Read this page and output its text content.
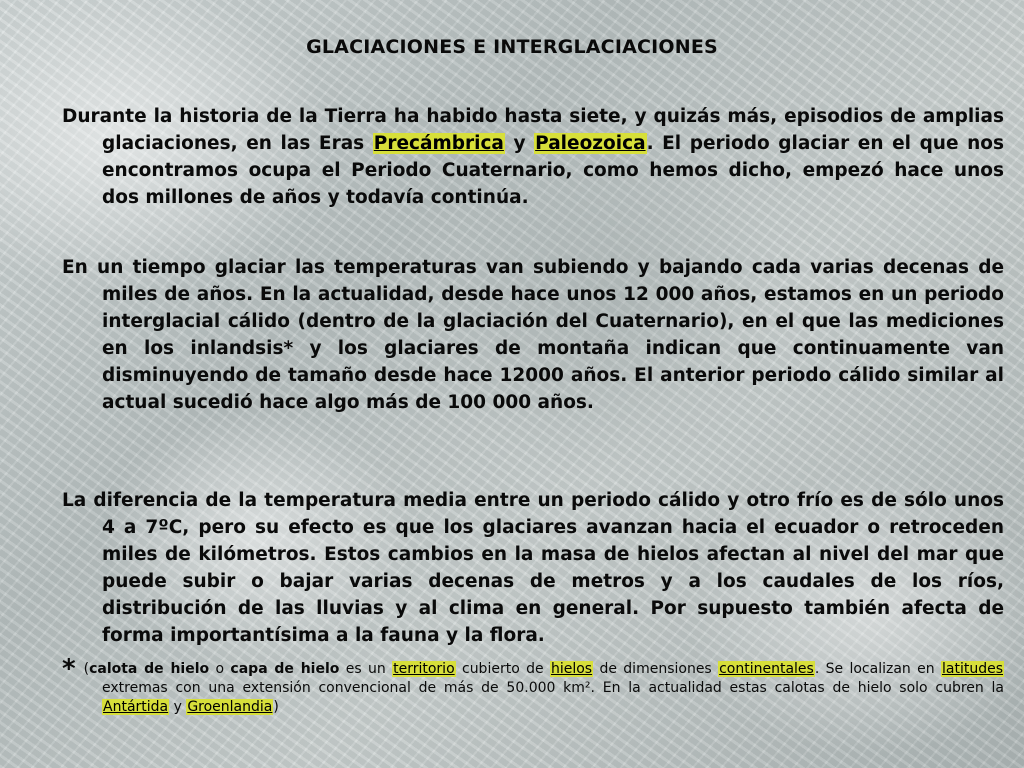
GLACIACIONES E INTERGLACIACIONES
Durante la historia de la Tierra ha habido hasta siete, y quizás más, episodios de amplias glaciaciones, en las Eras Precámbrica y Paleozoica. El periodo glaciar en el que nos encontramos ocupa el Periodo Cuaternario, como hemos dicho, empezó hace unos dos millones de años y todavía continúa.
En un tiempo glaciar las temperaturas van subiendo y bajando cada varias decenas de miles de años. En la actualidad, desde hace unos 12 000 años, estamos en un periodo interglacial cálido (dentro de la glaciación del Cuaternario), en el que las mediciones en los inlandsis* y los glaciares de montaña indican que continuamente van disminuyendo de tamaño desde hace 12000 años. El anterior periodo cálido similar al actual sucedió hace algo más de 100 000 años.
La diferencia de la temperatura media entre un periodo cálido y otro frío es de sólo unos 4 a 7ºC, pero su efecto es que los glaciares avanzan hacia el ecuador o retroceden miles de kilómetros. Estos cambios en la masa de hielos afectan al nivel del mar que puede subir o bajar varias decenas de metros y a los caudales de los ríos, distribución de las lluvias y al clima en general. Por supuesto también afecta de forma importantísima a la fauna y la flora.
* (calota de hielo o capa de hielo es un territorio cubierto de hielos de dimensiones continentales. Se localizan en latitudes extremas con una extensión convencional de más de 50.000 km². En la actualidad estas calotas de hielo solo cubren la Antártida y Groenlandia)
